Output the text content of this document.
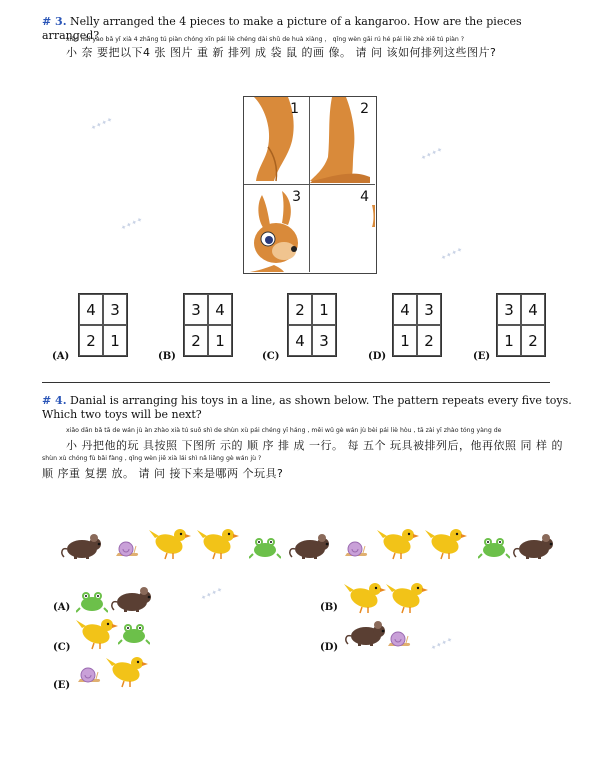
✦✦✦✦
✦✦✦✦
✦✦✦✦
✦✦✦✦
✦✦✦✦
✦✦✦✦
# 3. Nelly arranged the 4 pieces to make a picture of a kangaroo. How are the pieces arranged?
xiǎo nài yào bǎ yǐ xià 4 zhāng tú piàn chóng xīn pái liè chéng dài shǔ de huà xiàng ， qǐng wèn gāi rú hé pái liè zhè xiē tú piàn ?
小 奈 要把以下4 张 图片 重 新 排列 成 袋 鼠 的画 像。 请 问 该如何排列这些图片?
1	2
3	4
(A)
4 3
2 1
(B)
3 4
2 1
(C)
2 1
4 3
(D)
4 3
1 2
(E)
3 4
1 2
# 4. Danial is arranging his toys in a line, as shown below. The pattern repeats every five toys. Which two toys will be next?
xiǎo dān bǎ tā de wán jù àn zhào xià tú suǒ shì de shùn xù pái chéng yī háng , měi wǔ gè wán jù bèi pái liè hòu , tā zài yī zhào tóng yàng de
小 丹把他的玩 具按照 下图所 示的 顺 序 排 成 一行。 每 五个 玩具被排列后，他再依照 同 样 的
shùn xù chóng fù bǎi fàng , qǐng wèn jiē xià lái shì nǎ liǎng gè wán jù ?
顺 序重 复摆 放。 请 问 接下来是哪两 个玩具?
(A)	(B)
(C)	(D)
(E)
